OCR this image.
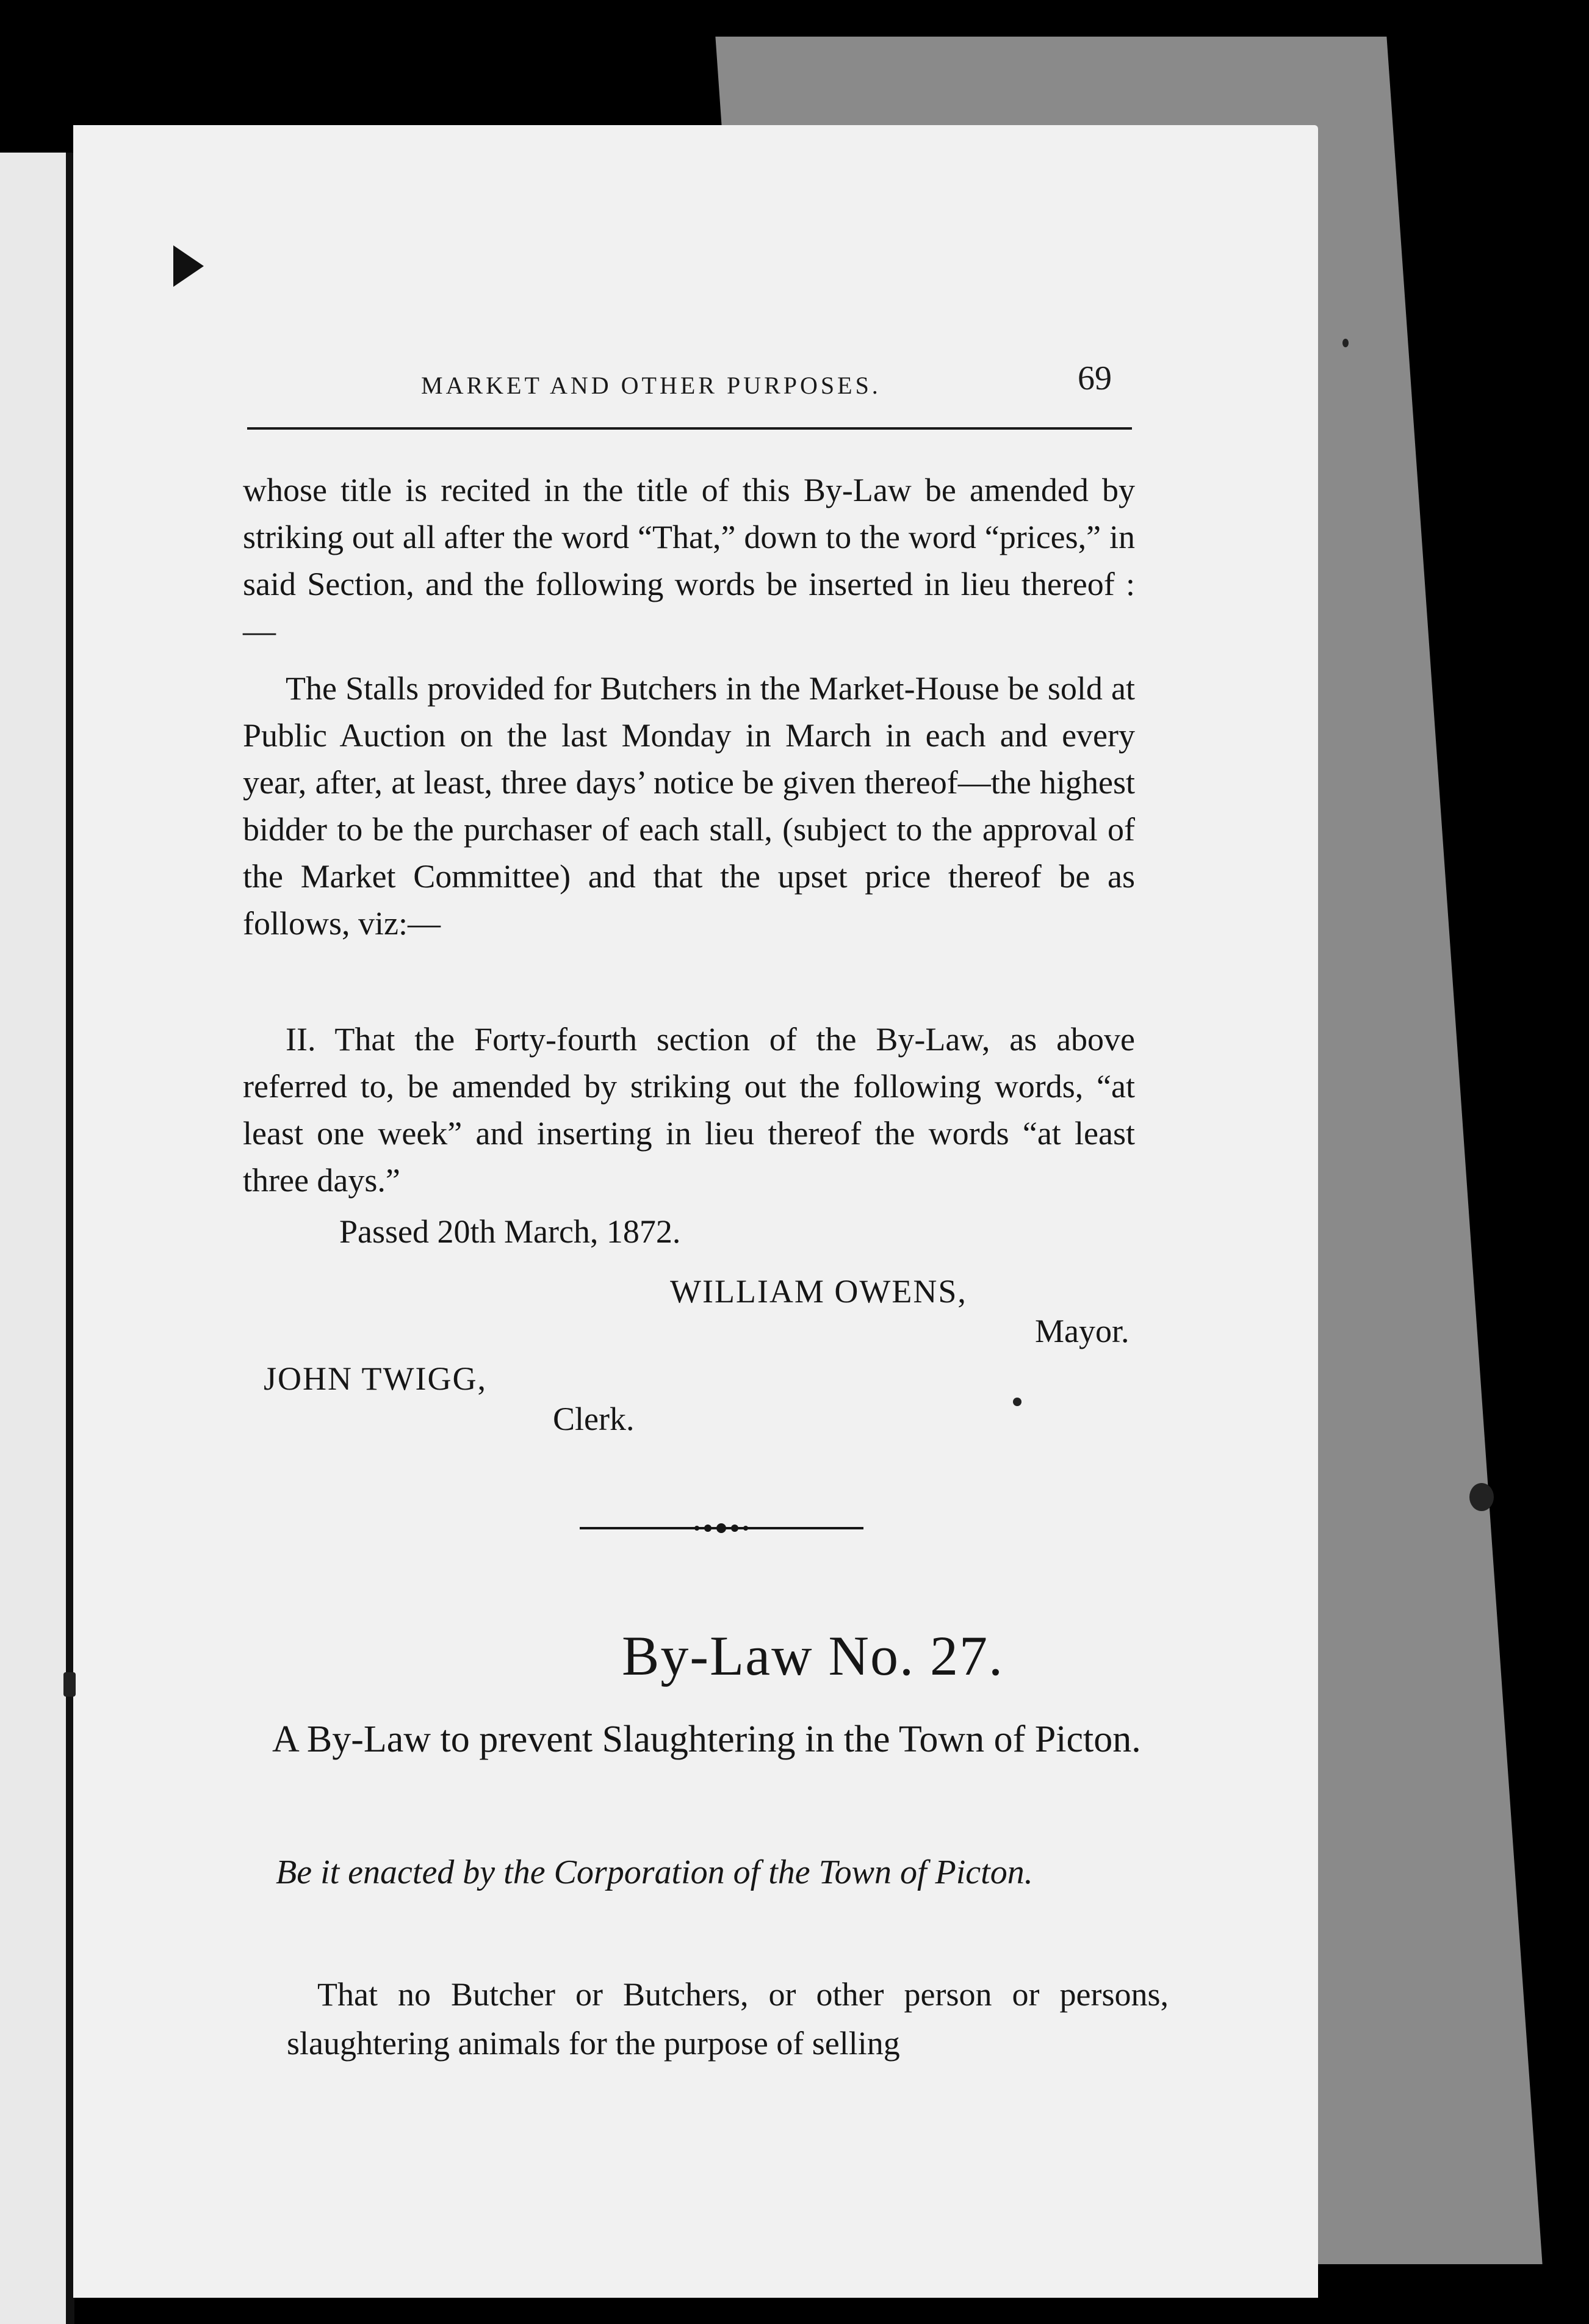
MARKET AND OTHER PURPOSES.	69

whose title is recited in the title of this By-Law be amended by striking out all after the word “That,” down to the word “prices,” in said Section, and the following words be inserted in lieu thereof :—

The Stalls provided for Butchers in the Market-House be sold at Public Auction on the last Monday in March in each and every year, after, at least, three days’ notice be given thereof—the highest bidder to be the purchaser of each stall, (subject to the approval of the Market Committee) and that the upset price thereof be as follows, viz:—

II. That the Forty-fourth section of the By-Law, as above referred to, be amended by striking out the following words, “at least one week” and inserting in lieu thereof the words “at least three days.”

Passed 20th March, 1872.
WILLIAM OWENS,
Mayor.
JOHN TWIGG,
Clerk.
By-Law No. 27.

A By-Law to prevent Slaughtering in the Town of Picton.

Be it enacted by the Corporation of the Town of Picton.

That no Butcher or Butchers, or other person or persons, slaughtering animals for the purpose of selling
